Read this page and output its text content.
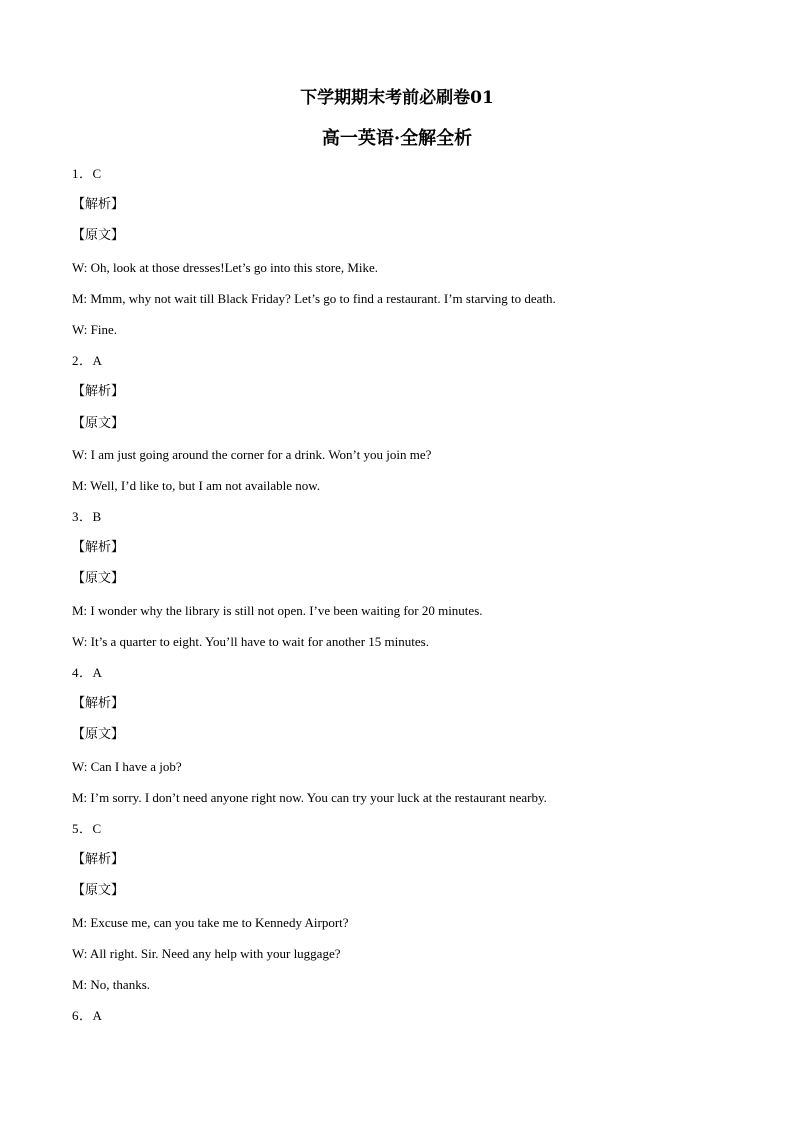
下学期期末考前必刷卷01
高一英语·全解全析
1．C
【解析】
【原文】
W: Oh, look at those dresses!Let’s go into this store, Mike.
M: Mmm, why not wait till Black Friday? Let’s go to find a restaurant. I’m starving to death.
W: Fine.
2．A
【解析】
【原文】
W: I am just going around the corner for a drink. Won’t you join me?
M: Well, I’d like to, but I am not available now.
3．B
【解析】
【原文】
M: I wonder why the library is still not open. I’ve been waiting for 20 minutes.
W: It’s a quarter to eight. You’ll have to wait for another 15 minutes.
4．A
【解析】
【原文】
W: Can I have a job?
M: I’m sorry. I don’t need anyone right now. You can try your luck at the restaurant nearby.
5．C
【解析】
【原文】
M: Excuse me, can you take me to Kennedy Airport?
W: All right. Sir. Need any help with your luggage?
M: No, thanks.
6．A
